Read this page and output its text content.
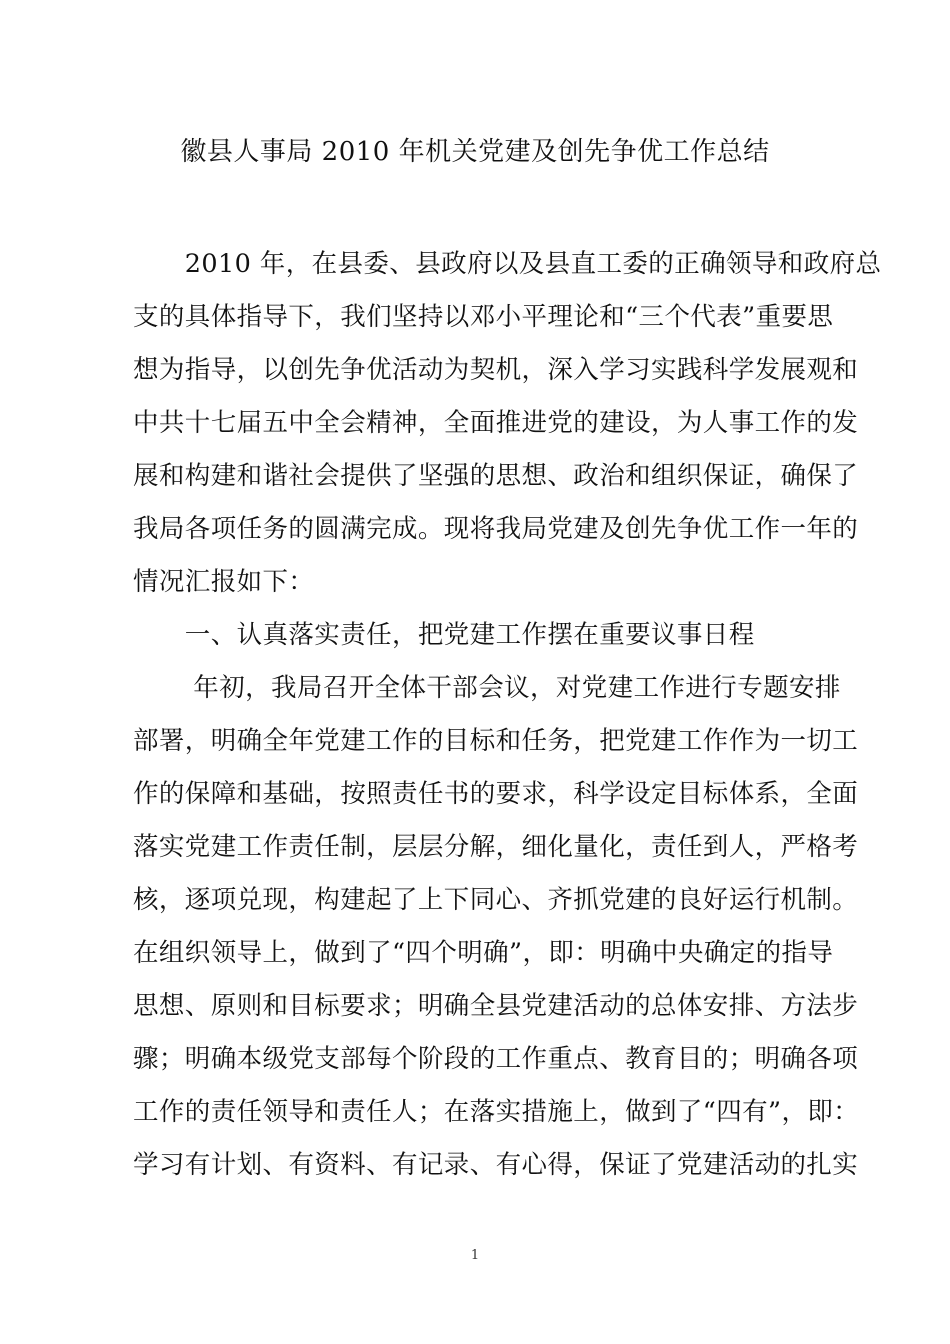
徽县人事局 2010 年机关党建及创先争优工作总结
　　2010 年，在县委、县政府以及县直工委的正确领导和政府总
支的具体指导下，我们坚持以邓小平理论和“三个代表”重要思
想为指导，以创先争优活动为契机，深入学习实践科学发展观和
中共十七届五中全会精神，全面推进党的建设，为人事工作的发
展和构建和谐社会提供了坚强的思想、政治和组织保证，确保了
我局各项任务的圆满完成。现将我局党建及创先争优工作一年的
情况汇报如下：
　　一、认真落实责任，把党建工作摆在重要议事日程
　　 年初，我局召开全体干部会议，对党建工作进行专题安排
部署，明确全年党建工作的目标和任务，把党建工作作为一切工
作的保障和基础，按照责任书的要求，科学设定目标体系，全面
落实党建工作责任制，层层分解，细化量化，责任到人，严格考
核，逐项兑现，构建起了上下同心、齐抓党建的良好运行机制。
在组织领导上，做到了“四个明确”，即：明确中央确定的指导
思想、原则和目标要求；明确全县党建活动的总体安排、方法步
骤；明确本级党支部每个阶段的工作重点、教育目的；明确各项
工作的责任领导和责任人；在落实措施上，做到了“四有”，即：
学习有计划、有资料、有记录、有心得，保证了党建活动的扎实
1
